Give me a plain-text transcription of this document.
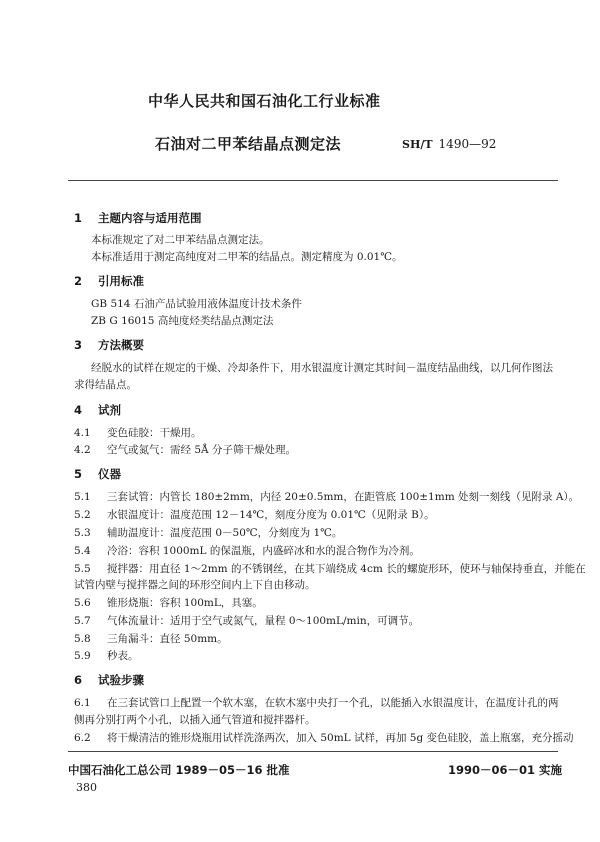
中华人民共和国石油化工行业标准
石油对二甲苯结晶点测定法	SH/T 1490—92
1 主题内容与适用范围
本标准规定了对二甲苯结晶点测定法。
本标准适用于测定高纯度对二甲苯的结晶点。测定精度为 0.01℃。
2 引用标准
GB 514 石油产品试验用液体温度计技术条件
ZB G 16015 高纯度烃类结晶点测定法
3 方法概要
经脱水的试样在规定的干燥、冷却条件下，用水银温度计测定其时间－温度结晶曲线，以几何作图法
求得结晶点。
4 试剂
4.1 变色硅胶：干燥用。
4.2 空气或氮气：需经 5Å 分子筛干燥处理。
5 仪器
5.1 三套试管：内管长 180±2mm，内径 20±0.5mm，在距管底 100±1mm 处刻一刻线（见附录 A）。
5.2 水银温度计：温度范围 12－14℃，刻度分度为 0.01℃（见附录 B）。
5.3 辅助温度计：温度范围 0－50℃，分刻度为 1℃。
5.4 冷浴：容积 1000mL 的保温瓶，内盛碎冰和水的混合物作为冷剂。
5.5 搅拌器：用直径 1～2mm 的不锈钢丝，在其下端绕成 4cm 长的螺旋形环，使环与轴保持垂直，并能在
试管内壁与搅拌器之间的环形空间内上下自由移动。
5.6 锥形烧瓶：容积 100mL，具塞。
5.7 气体流量计：适用于空气或氮气，量程 0～100mL/min，可调节。
5.8 三角漏斗：直径 50mm。
5.9 秒表。
6 试验步骤
6.1 在三套试管口上配置一个软木塞，在软木塞中央打一个孔，以能插入水银温度计，在温度计孔的两
侧再分别打两个小孔，以插入通气管道和搅拌器杆。
6.2 将干燥清洁的锥形烧瓶用试样洗涤两次，加入 50mL 试样，再加 5g 变色硅胶，盖上瓶塞，充分摇动
中国石油化工总公司 1989－05－16 批准	1990－06－01 实施
380
